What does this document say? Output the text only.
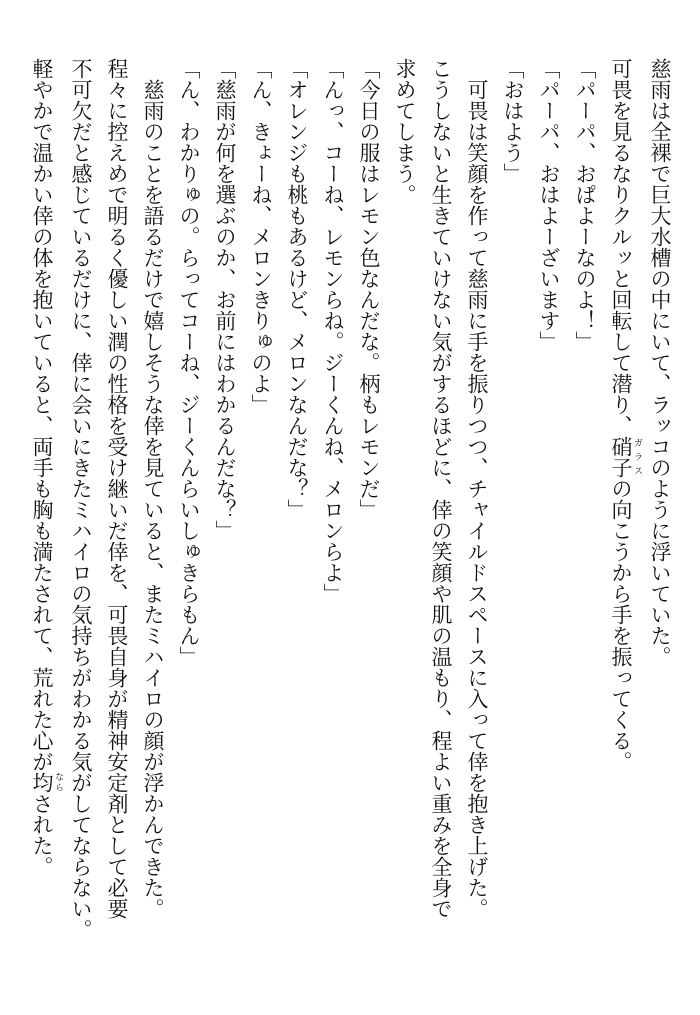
慈雨は全裸で巨大水槽の中にいて、ラッコのように浮いていた。
可畏を見るなりクルッと回転して潜り、硝子 ガラスの向こうから手を振ってくる。
「パーパ、おぱよーなのよ！」
「パーパ、おはよーざいます」
「おはよう」
　可畏は笑顔を作って慈雨に手を振りつつ、チャイルドスペースに入って倖を抱き上げた。
こうしないと生きていけない気がするほどに、倖の笑顔や肌の温もり、程よい重みを全身で
求めてしまう。
「今日の服はレモン色なんだな。柄もレモンだ」
「んっ、コーね、レモンらね。ジーくんね、メロンらよ」
「オレンジも桃もあるけど、メロンなんだな？」
「ん、きょーね、メロンきりゅのよ」
「慈雨が何を選ぶのか、お前にはわかるんだな？」
「ん、わかりゅの。らってコーね、ジーくんらいしゅきらもん」
　慈雨のことを語るだけで嬉しそうな倖を見ていると、またミハイロの顔が浮かんできた。
程々に控えめで明るく優しい潤の性格を受け継いだ倖を、可畏自身が精神安定剤として必要
不可欠だと感じているだけに、倖に会いにきたミハイロの気持ちがわかる気がしてならない。
軽やかで温かい倖の体を抱いていると、両手も胸も満たされて、荒れた心が均 ならされた。
